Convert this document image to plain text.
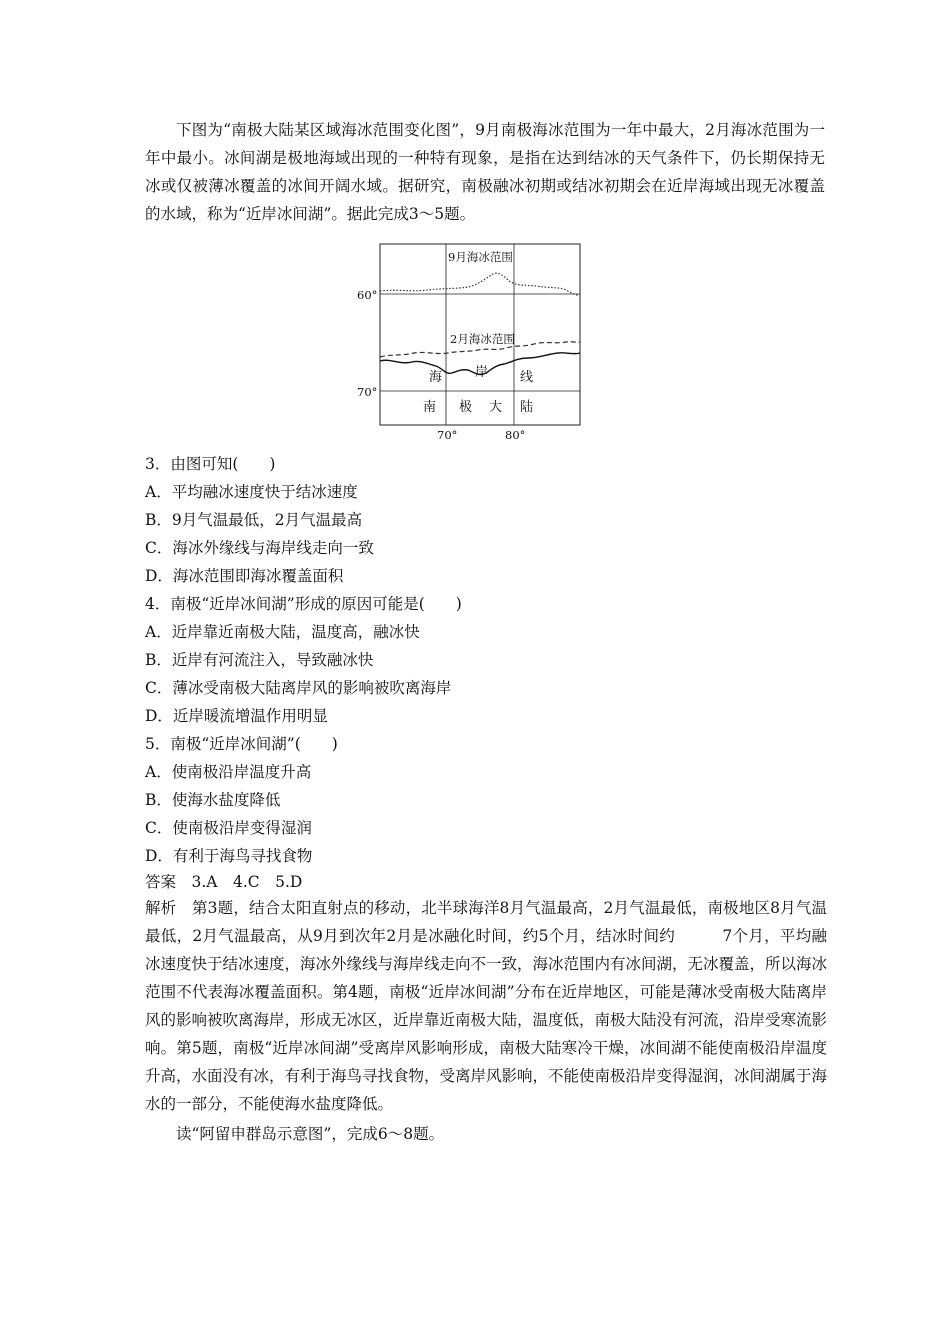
下图为“南极大陆某区域海冰范围变化图”，9月南极海冰范围为一年中最大，2月海冰范围为一年中最小。冰间湖是极地海域出现的一种特有现象，是指在达到结冰的天气条件下，仍长期保持无冰或仅被薄冰覆盖的冰间开阔水域。据研究，南极融冰初期或结冰初期会在近岸海域出现无冰覆盖的水域，称为“近岸冰间湖”。据此完成3～5题。

9月海冰范围
2月海冰范围
60°
70°
70°	80°
海	岸 线
南 极 大 陆

3．由图可知(　　)

A．平均融冰速度快于结冰速度

B．9月气温最低，2月气温最高

C．海冰外缘线与海岸线走向一致

D．海冰范围即海冰覆盖面积

4．南极“近岸冰间湖”形成的原因可能是(　　)

A．近岸靠近南极大陆，温度高，融冰快

B．近岸有河流注入，导致融冰快

C．薄冰受南极大陆离岸风的影响被吹离海岸

D．近岸暖流增温作用明显

5．南极“近岸冰间湖”(　　)

A．使南极沿岸温度升高

B．使海水盐度降低

C．使南极沿岸变得湿润

D．有利于海鸟寻找食物

答案　3.A　4.C　5.D

解析　第3题，结合太阳直射点的移动，北半球海洋8月气温最高，2月气温最低，南极地区8月气温最低，2月气温最高，从9月到次年2月是冰融化时间，约5个月，结冰时间约　　　7个月，平均融冰速度快于结冰速度，海冰外缘线与海岸线走向不一致，海冰范围内有冰间湖，无冰覆盖，所以海冰范围不代表海冰覆盖面积。第4题，南极“近岸冰间湖”分布在近岸地区，可能是薄冰受南极大陆离岸风的影响被吹离海岸，形成无冰区，近岸靠近南极大陆，温度低，南极大陆没有河流，沿岸受寒流影响。第5题，南极“近岸冰间湖”受离岸风影响形成，南极大陆寒冷干燥，冰间湖不能使南极沿岸温度升高，水面没有冰，有利于海鸟寻找食物，受离岸风影响，不能使南极沿岸变得湿润，冰间湖属于海水的一部分，不能使海水盐度降低。

读“阿留申群岛示意图”，完成6～8题。
